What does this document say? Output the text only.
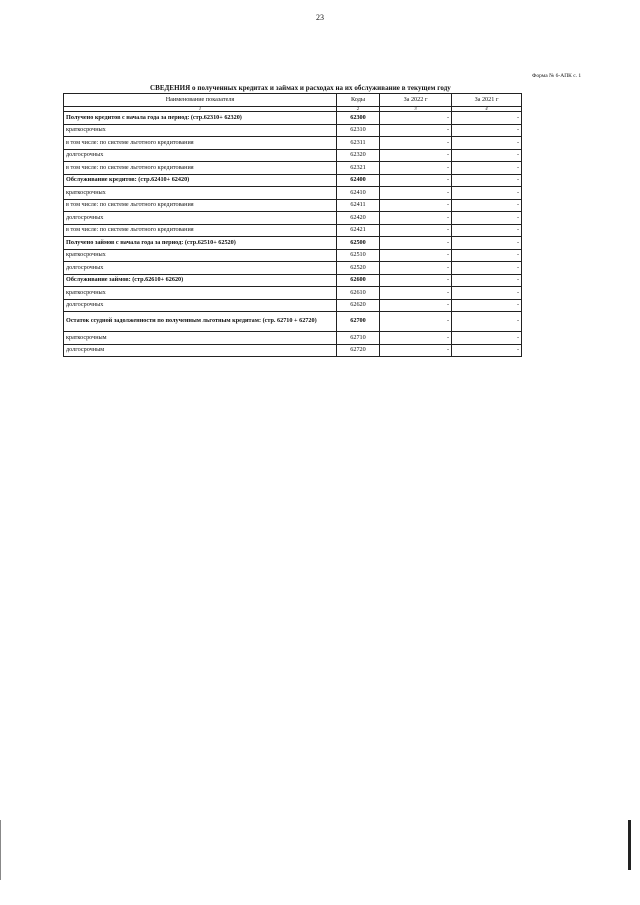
23
Форма № 6-АПК с. 1
СВЕДЕНИЯ о полученных кредитах и займах и расходах на их обслуживание в текущем году
Наименование показателя	Коды	За 2022 г	За 2021 г
1	2	3	4
Получено кредитов с начала года за период: (стр.62310+ 62320)	62300	-	-
краткосрочных	62310	-	-
в том числе: по системе льготного кредитования	62311	-	-
долгосрочных	62320	-	-
в том числе: по системе льготного кредитования	62321	-	-
Обслуживание кредитов: (стр.62410+ 62420)	62400	-	-
краткосрочных	62410	-	-
в том числе: по системе льготного кредитования	62411	-	-
долгосрочных	62420	-	-
в том числе: по системе льготного кредитования	62421	-	-
Получено займов с начала года за период: (стр.62510+ 62520)	62500	-	-
краткосрочных	62510	-	-
долгосрочных	62520	-	-
Обслуживание займов: (стр.62610+ 62620)	62600	-	-
краткосрочных	62610	-	-
долгосрочных	62620	-	-
Остаток ссудной задолженности по полученным льготным кредитам: (стр. 62710 + 62720)	62700	-	-
краткосрочным	62710	-	-
долгосрочным	62720	-	-
